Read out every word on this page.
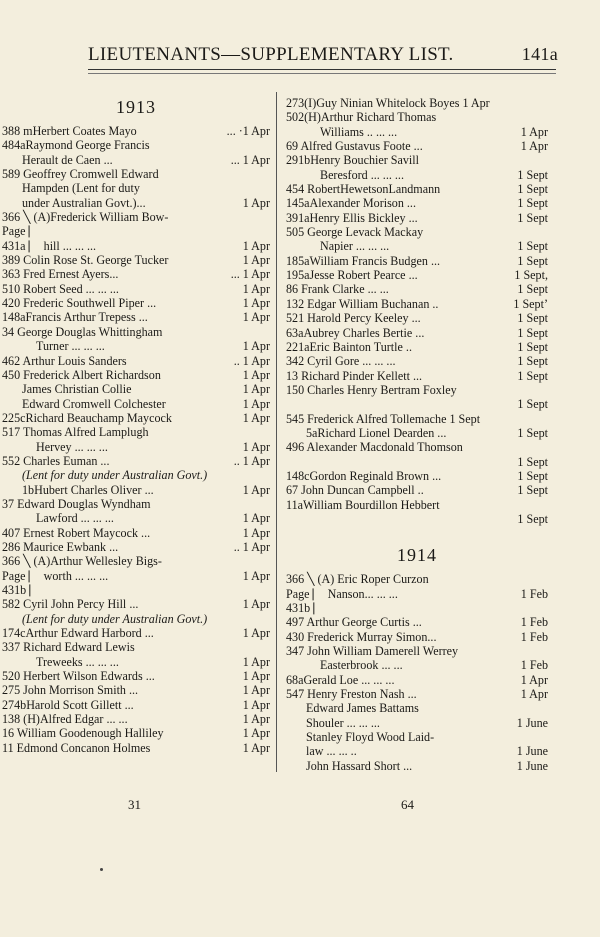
LIEUTENANTS—SUPPLEMENTARY LIST.	141a
1913
388 mHerbert Coates Mayo	... ·1 Apr
484aRaymond George Francis
Herault de Caen ...	... 1 Apr
589 Geoffrey Cromwell Edward
Hampden (Lent for duty
under Australian Govt.)...	1 Apr
366 ╲ (A)Frederick William Bow-
Page ⎸
431a ⎸ hill ... ... ...	1 Apr
389 Colin Rose St. George Tucker	1 Apr
363 Fred Ernest Ayers...	... 1 Apr
510 Robert Seed ... ... ...	1 Apr
420 Frederic Southwell Piper ...	1 Apr
148aFrancis Arthur Trepess ...	1 Apr
34 George Douglas Whittingham
Turner ... ... ...	1 Apr
462 Arthur Louis Sanders	.. 1 Apr
450 Frederick Albert Richardson	1 Apr
James Christian Collie	1 Apr
Edward Cromwell Colchester	1 Apr
225cRichard Beauchamp Maycock	1 Apr
517 Thomas Alfred Lamplugh
Hervey ... ... ...	1 Apr
552 Charles Euman ...	.. 1 Apr
(Lent for duty under Australian Govt.)
1bHubert Charles Oliver ...	1 Apr
37 Edward Douglas Wyndham
Lawford ... ... ...	1 Apr
407 Ernest Robert Maycock ...	1 Apr
286 Maurice Ewbank ...	.. 1 Apr
366 ╲ (A)Arthur Wellesley Bigs-
Page ⎸ worth ... ... ...	1 Apr
431b ⎸
582 Cyril John Percy Hill ...	1 Apr
(Lent for duty under Australian Govt.)
174cArthur Edward Harbord ...	1 Apr
337 Richard Edward Lewis
Treweeks ... ... ...	1 Apr
520 Herbert Wilson Edwards ...	1 Apr
275 John Morrison Smith ...	1 Apr
274bHarold Scott Gillett ...	1 Apr
138 (H)Alfred Edgar ... ...	1 Apr
16 William Goodenough Halliley	1 Apr
11 Edmond Concanon Holmes	1 Apr
273(I)Guy Ninian Whitelock Boyes 1 Apr
502(H)Arthur Richard Thomas
Williams .. ... ...	1 Apr
69 Alfred Gustavus Foote ...	1 Apr
291bHenry Bouchier Savill
Beresford ... ... ...	1 Sept
454 RobertHewetsonLandmann	1 Sept
145aAlexander Morison ...	1 Sept
391aHenry Ellis Bickley ...	1 Sept
505 George Levack Mackay
Napier ... ... ...	1 Sept
185aWilliam Francis Budgen ...	1 Sept
195aJesse Robert Pearce ...	1 Sept,
86 Frank Clarke ... ...	1 Sept
132 Edgar William Buchanan ..	1 Sept’
521 Harold Percy Keeley ...	1 Sept
63aAubrey Charles Bertie ...	1 Sept
221aEric Bainton Turtle ..	1 Sept
342 Cyril Gore ... ... ...	1 Sept
13 Richard Pinder Kellett ...	1 Sept
150 Charles Henry Bertram Foxley
1 Sept
545 Frederick Alfred Tollemache 1 Sept
5aRichard Lionel Dearden ...	1 Sept
496 Alexander Macdonald Thomson
1 Sept
148cGordon Reginald Brown ...	1 Sept
67 John Duncan Campbell ..	1 Sept
11aWilliam Bourdillon Hebbert
1 Sept
1914
366 ╲ (A) Eric Roper Curzon
Page ⎸ Nanson... ... ...	1 Feb
431b ⎸
497 Arthur George Curtis ...	1 Feb
430 Frederick Murray Simon...	1 Feb
347 John William Damerell Werrey
Easterbrook ... ...	1 Feb
68aGerald Loe ... ... ...	1 Apr
547 Henry Freston Nash ...	1 Apr
Edward James Battams
Shouler ... ... ...	1 June
Stanley Floyd Wood Laid-
law ... ... ..	1 June
John Hassard Short ...	1 June
31	64
